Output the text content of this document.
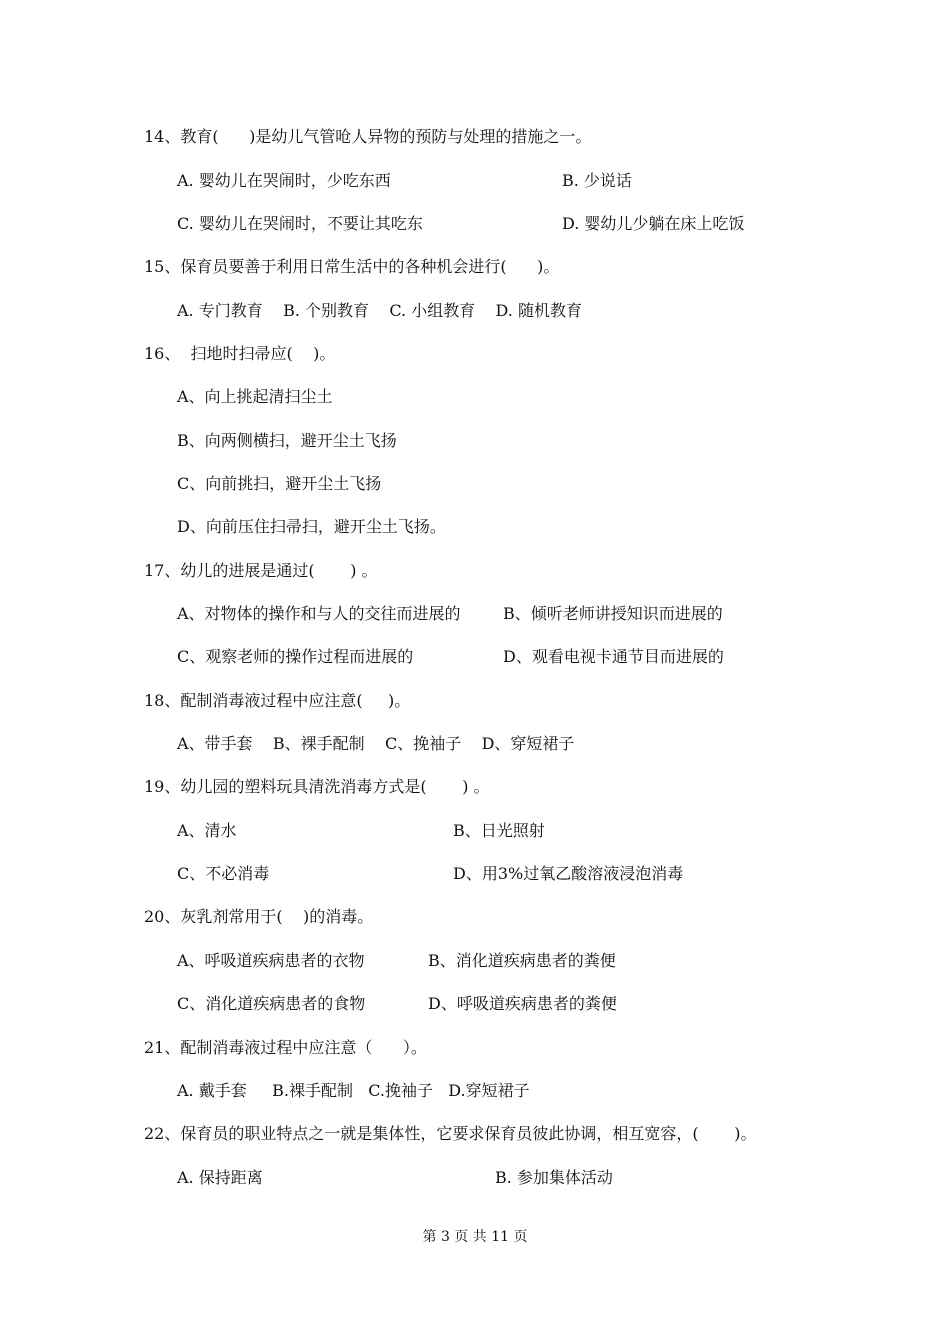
14、教育(      )是幼儿气管呛人异物的预防与处理的措施之一。
A. 婴幼儿在哭闹时，少吃东西	B. 少说话
C. 婴幼儿在哭闹时，不要让其吃东	D. 婴幼儿少躺在床上吃饭
15、保育员要善于利用日常生活中的各种机会进行(      )。
A. 专门教育    B. 个别教育    C. 小组教育    D. 随机教育
16、  扫地时扫帚应(    )。
A、向上挑起清扫尘土
B、向两侧横扫，避开尘土飞扬
C、向前挑扫，避开尘土飞扬
D、向前压住扫帚扫，避开尘土飞扬。
17、幼儿的进展是通过(       ) 。
A、对物体的操作和与人的交往而进展的	B、倾听老师讲授知识而进展的
C、观察老师的操作过程而进展的	D、观看电视卡通节目而进展的
18、配制消毒液过程中应注意(     )。
A、带手套    B、裸手配制    C、挽袖子    D、穿短裙子
19、幼儿园的塑料玩具清洗消毒方式是(       ) 。
A、清水	B、日光照射
C、不必消毒	D、用3%过氧乙酸溶液浸泡消毒
20、灰乳剂常用于(    )的消毒。
A、呼吸道疾病患者的衣物	B、消化道疾病患者的粪便
C、消化道疾病患者的食物	D、呼吸道疾病患者的粪便
21、配制消毒液过程中应注意（      ）。
A. 戴手套     B.裸手配制   C.挽袖子   D.穿短裙子
22、保育员的职业特点之一就是集体性，它要求保育员彼此协调，相互宽容，(       )。
A. 保持距离	B. 参加集体活动
第 3 页 共 11 页
